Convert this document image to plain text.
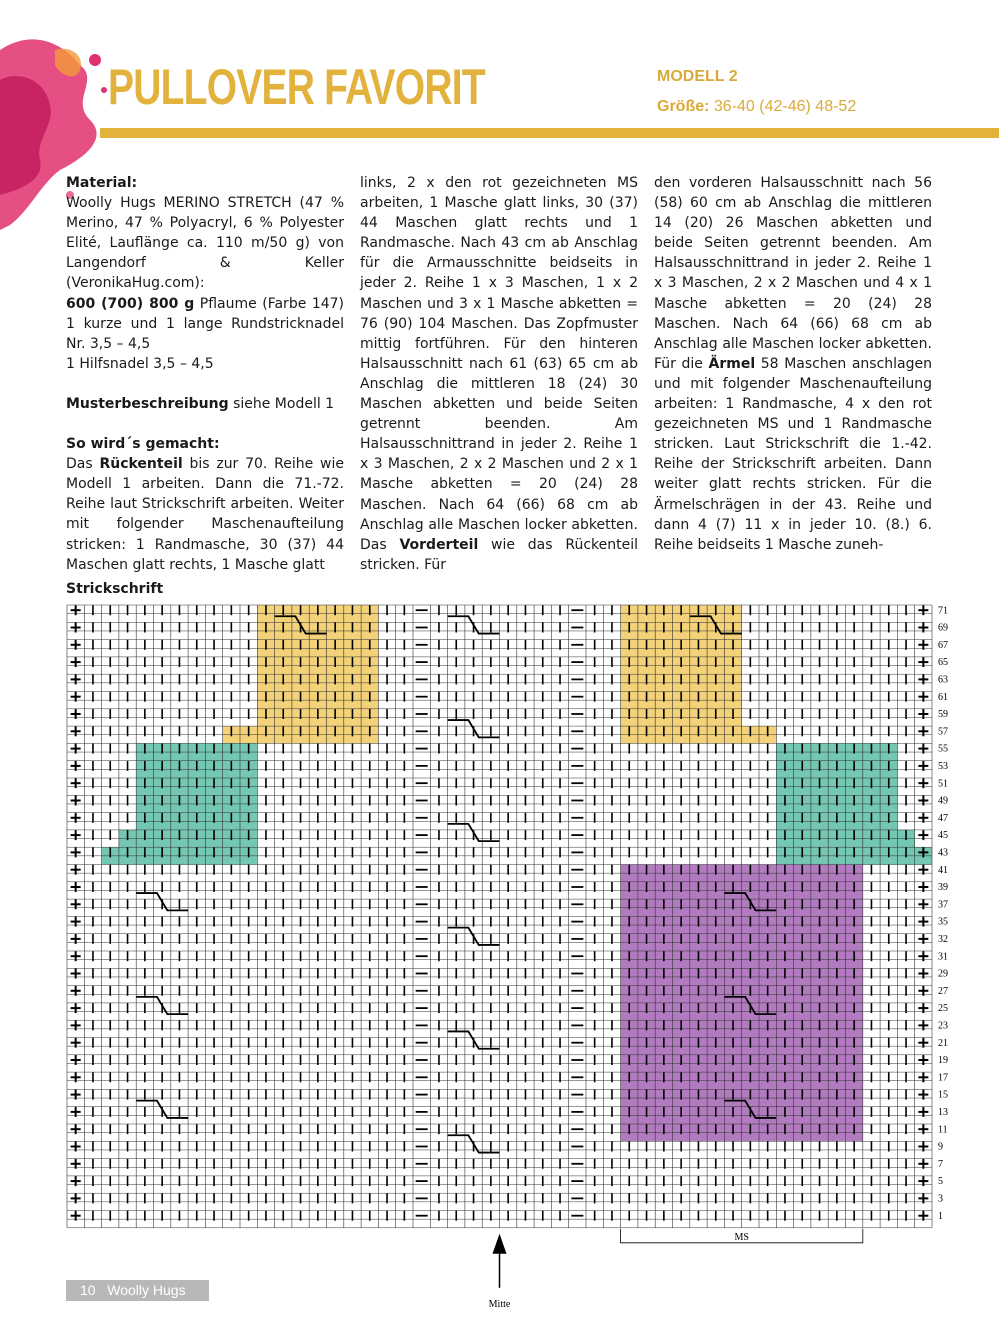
PULLOVER FAVORIT	MODELL 2
Größe: 36-40 (42-46) 48-52

Material:

Woolly Hugs MERINO STRETCH (47 % Merino, 47 % Polyacryl, 6 % Polyester Elité, Lauflänge ca. 110 m/50 g) von Langendorf & Keller (VeronikaHug.com):

600 (700) 800 g Pflaume (Farbe 147) 1 kurze und 1 lange Rundstricknadel Nr. 3,5 – 4,5

1 Hilfsnadel 3,5 – 4,5

Musterbeschreibung siehe Modell 1

So wird´s gemacht:

Das Rückenteil bis zur 70. Reihe wie Modell 1 arbeiten. Dann die 71.-72. Reihe laut Strickschrift arbeiten. Weiter mit folgender Maschenaufteilung stricken: 1 Randmasche, 30 (37) 44 Maschen glatt rechts, 1 Masche glatt

links, 2 x den rot gezeichneten MS arbeiten, 1 Masche glatt links, 30 (37) 44 Maschen glatt rechts und 1 Randmasche. Nach 43 cm ab Anschlag für die Armausschnitte beidseits in jeder 2. Reihe 1 x 3 Maschen, 1 x 2 Maschen und 3 x 1 Masche abketten = 76 (90) 104 Maschen. Das Zopfmuster mittig fortführen. Für den hinteren Halsausschnitt nach 61 (63) 65 cm ab Anschlag die mittleren 18 (24) 30 Maschen abketten und beide Seiten getrennt beenden. Am Halsausschnittrand in jeder 2. Reihe 1 x 3 Maschen, 2 x 2 Maschen und 2 x 1 Masche abketten = 20 (24) 28 Maschen. Nach 64 (66) 68 cm ab Anschlag alle Maschen locker abketten. Das Vorderteil wie das Rückenteil stricken. Für

den vorderen Halsausschnitt nach 56 (58) 60 cm ab Anschlag die mittleren 14 (20) 26 Maschen abketten und beide Seiten getrennt beenden. Am Halsausschnittrand in jeder 2. Reihe 1 x 3 Maschen, 2 x 2 Maschen und 4 x 1 Masche abketten = 20 (24) 28 Maschen. Nach 64 (66) 68 cm ab Anschlag alle Maschen locker abketten. Für die Ärmel 58 Maschen anschlagen und mit folgender Maschenaufteilung arbeiten: 1 Randmasche, 4 x den rot gezeichneten MS und 1 Randmasche stricken. Laut Strickschrift die 1.-42. Reihe der Strickschrift arbeiten. Dann weiter glatt rechts stricken. Für die Ärmelschrägen in der 43. Reihe und dann 4 (7) 11 x in jeder 10. (8.) 6. Reihe beidseits 1 Masche zuneh-

Strickschrift
1
3
5
7
9
11
13
15
17
19
21
23
25
27
29
31
32
35
37
39
41
43
45
47
49
51
53
55
57
59
61
63
65
67
69
71
MS
Mitte
10 Woolly Hugs
